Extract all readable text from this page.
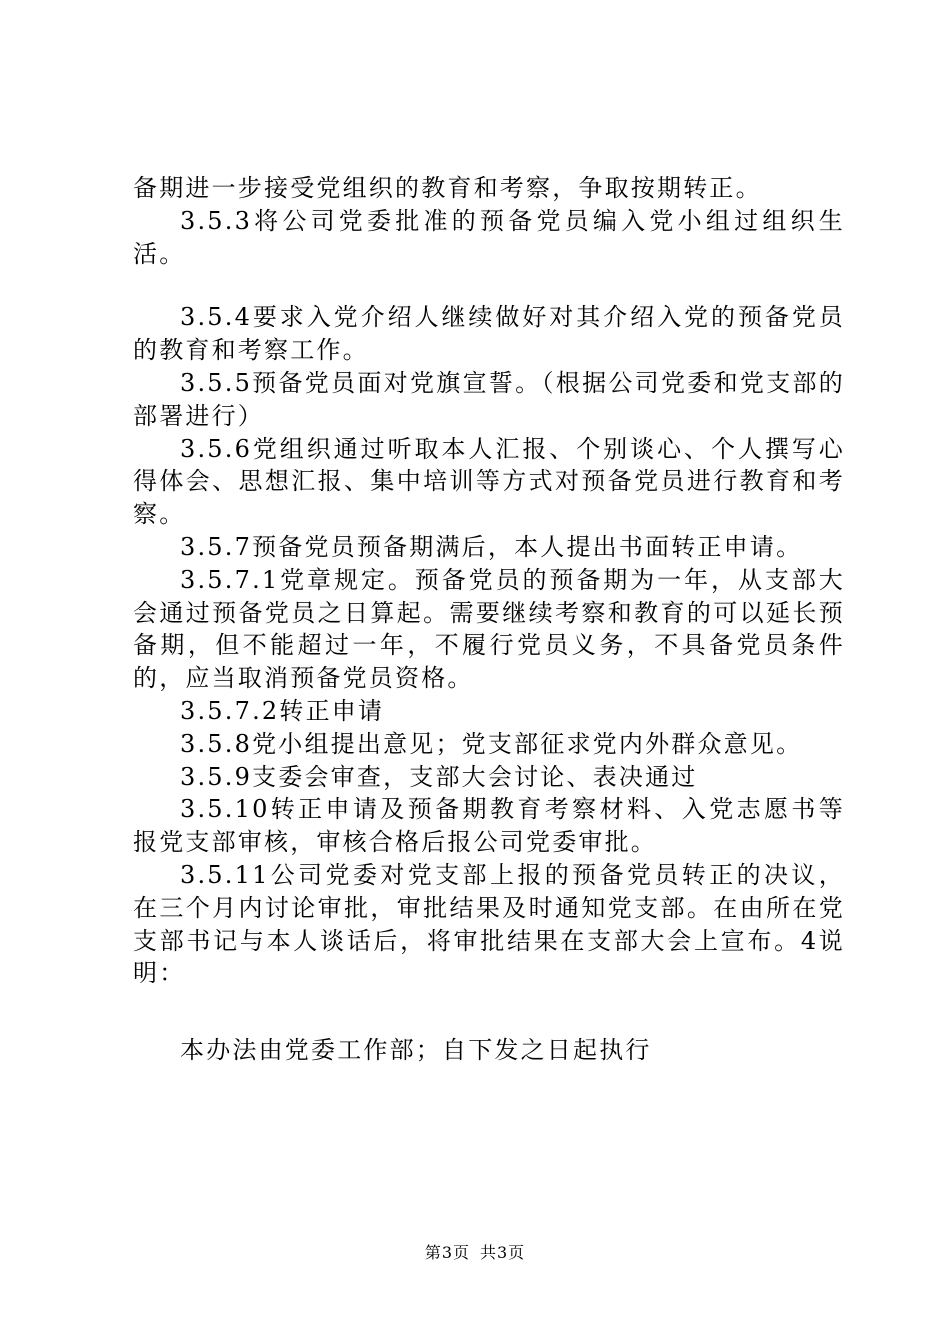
备期进一步接受党组织的教育和考察，争取按期转正。

3.5.3将公司党委批准的预备党员编入党小组过组织生活。

3.5.4要求入党介绍人继续做好对其介绍入党的预备党员的教育和考察工作。

3.5.5预备党员面对党旗宣誓。（根据公司党委和党支部的部署进行）

3.5.6党组织通过听取本人汇报、个别谈心、个人撰写心得体会、思想汇报、集中培训等方式对预备党员进行教育和考察。

3.5.7预备党员预备期满后，本人提出书面转正申请。

3.5.7.1党章规定。预备党员的预备期为一年，从支部大会通过预备党员之日算起。需要继续考察和教育的可以延长预备期，但不能超过一年，不履行党员义务，不具备党员条件的，应当取消预备党员资格。

3.5.7.2转正申请

3.5.8党小组提出意见；党支部征求党内外群众意见。

3.5.9支委会审查，支部大会讨论、表决通过

3.5.10转正申请及预备期教育考察材料、入党志愿书等报党支部审核，审核合格后报公司党委审批。

3.5.11公司党委对党支部上报的预备党员转正的决议，在三个月内讨论审批，审批结果及时通知党支部。在由所在党支部书记与本人谈话后，将审批结果在支部大会上宣布。4说明：

本办法由党委工作部；自下发之日起执行

第3页 共3页
